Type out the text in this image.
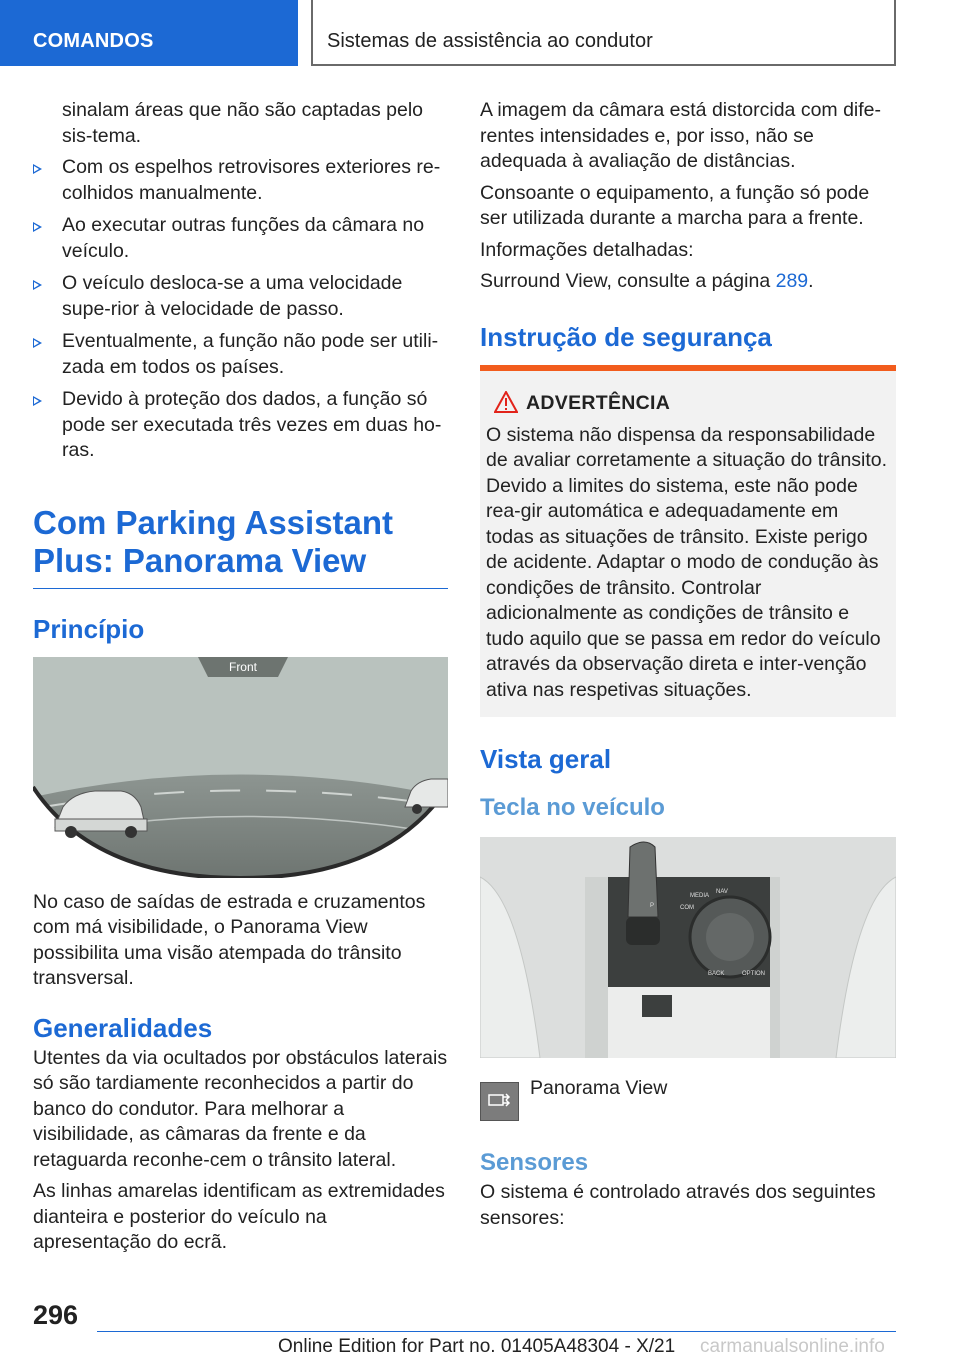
COMANDOS	Sistemas de assistência ao condutor

sinalam áreas que não são captadas pelo sis‐tema.

Com os espelhos retrovisores exteriores re‐colhidos manualmente.
Ao executar outras funções da câmara no veículo.
O veículo desloca-se a uma velocidade supe‐rior à velocidade de passo.
Eventualmente, a função não pode ser utili‐zada em todos os países.
Devido à proteção dos dados, a função só pode ser executada três vezes em duas ho‐ras.
Com Parking Assistant Plus: Panorama View
Princípio
Front

No caso de saídas de estrada e cruzamentos com má visibilidade, o Panorama View possibilita uma visão atempada do trânsito transversal.

Generalidades

Utentes da via ocultados por obstáculos laterais só são tardiamente reconhecidos a partir do banco do condutor. Para melhorar a visibilidade, as câmaras da frente e da retaguarda reconhe‐cem o trânsito lateral.

As linhas amarelas identificam as extremidades dianteira e posterior do veículo na apresentação do ecrã.

A imagem da câmara está distorcida com dife‐rentes intensidades e, por isso, não se adequada à avaliação de distâncias.

Consoante o equipamento, a função só pode ser utilizada durante a marcha para a frente.

Informações detalhadas:

Surround View, consulte a página 289.

Instrução de segurança
ADVERTÊNCIA

O sistema não dispensa da responsabilidade de avaliar corretamente a situação do trânsito. Devido a limites do sistema, este não pode rea‐gir automática e adequadamente em todas as situações de trânsito. Existe perigo de acidente. Adaptar o modo de condução às condições de trânsito. Controlar adicionalmente as condições de trânsito e tudo aquilo que se passa em redor do veículo através da observação direta e inter‐venção ativa nas respetivas situações.

Vista geral
Tecla no veículo
MEDIA
COM
NAV
BACK	OPTION
P
Panorama View
Sensores

O sistema é controlado através dos seguintes sensores:

296
Online Edition for Part no. 01405A48304 - X/21 carmanualsonline.info
